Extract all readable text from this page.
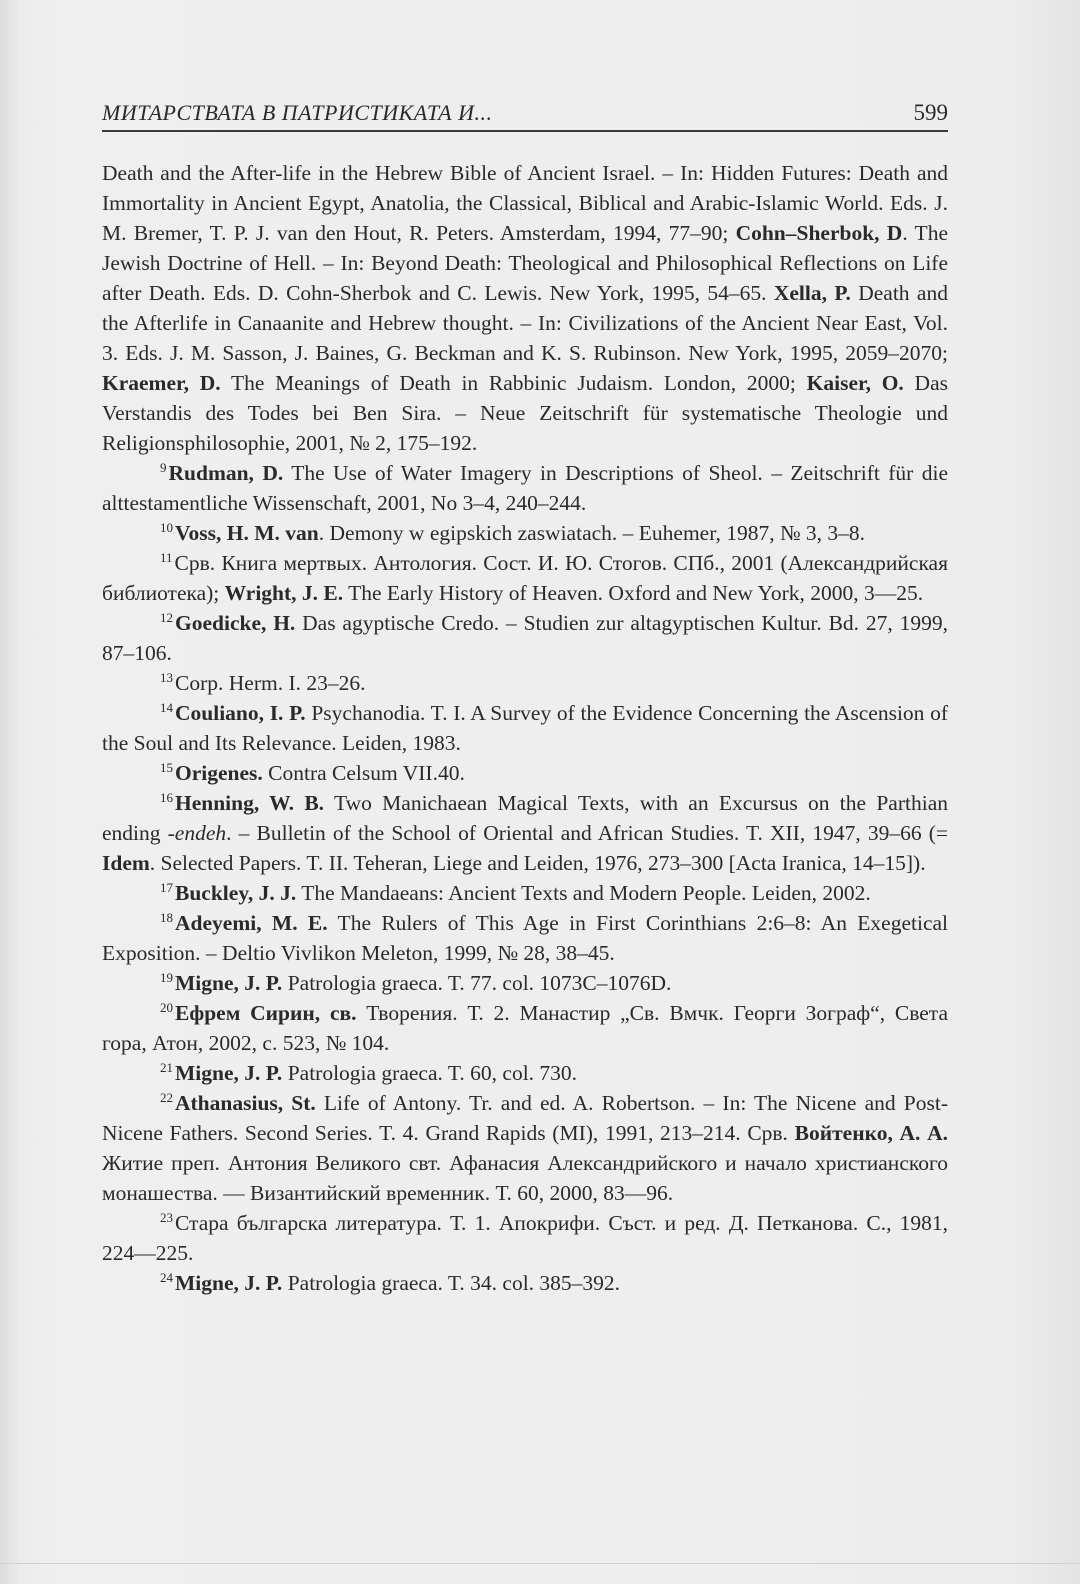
МИТАРСТВАТА В ПАТРИСТИКАТА И...	599

Death and the After-life in the Hebrew Bible of Ancient Israel. – In: Hidden Futures: Death and Immortality in Ancient Egypt, Anatolia, the Classical, Biblical and Arabic-Islamic World. Eds. J. M. Bremer, T. P. J. van den Hout, R. Peters. Amsterdam, 1994, 77–90; Cohn–Sherbok, D. The Jewish Doctrine of Hell. – In: Beyond Death: Theological and Philosophical Reflections on Life after Death. Eds. D. Cohn-Sherbok and C. Lewis. New York, 1995, 54–65. Xella, P. Death and the Afterlife in Canaanite and Hebrew thought. – In: Civilizations of the Ancient Near East, Vol. 3. Eds. J. M. Sasson, J. Baines, G. Beckman and K. S. Rubinson. New York, 1995, 2059–2070; Kraemer, D. The Meanings of Death in Rabbinic Judaism. London, 2000; Kaiser, O. Das Verstandis des Todes bei Ben Sira. – Neue Zeitschrift für systematische Theologie und Religionsphilosophie, 2001, № 2, 175–192.

$^9$Rudman, D. The Use of Water Imagery in Descriptions of Sheol. – Zeitschrift für die alttestamentliche Wissenschaft, 2001, No 3–4, 240–244.

$^{10}$Voss, H. M. van. Demony w egipskich zaswiatach. – Euhemer, 1987, № 3, 3–8.

$^{11}$Срв. Книга мертвых. Антология. Сост. И. Ю. Стогов. СПб., 2001 (Александрийская библиотека); Wright, J. E. The Early History of Heaven. Oxford and New York, 2000, 3—25.

$^{12}$Goedicke, H. Das agyptische Credo. – Studien zur altagyptischen Kultur. Bd. 27, 1999, 87–106.

$^{13}$Corp. Herm. I. 23–26.

$^{14}$Couliano, I. P. Psychanodia. T. I. A Survey of the Evidence Concerning the Ascension of the Soul and Its Relevance. Leiden, 1983.

$^{15}$Origenes. Contra Celsum VII.40.

$^{16}$Henning, W. B. Two Manichaean Magical Texts, with an Excursus on the Parthian ending -endeh. – Bulletin of the School of Oriental and African Studies. T. XII, 1947, 39–66 (= Idem. Selected Papers. T. II. Teheran, Liege and Leiden, 1976, 273–300 [Acta Iranica, 14–15]).

$^{17}$Buckley, J. J. The Mandaeans: Ancient Texts and Modern People. Leiden, 2002.

$^{18}$Adeyemi, M. E. The Rulers of This Age in First Corinthians 2:6–8: An Exegetical Exposition. – Deltio Vivlikon Meleton, 1999, № 28, 38–45.

$^{19}$Migne, J. P. Patrologia graeca. T. 77. col. 1073C–1076D.

$^{20}$Ефрем Сирин, св. Творения. Т. 2. Манастир „Св. Вмчк. Георги Зограф“, Света гора, Атон, 2002, с. 523, № 104.

$^{21}$Migne, J. P. Patrologia graeca. T. 60, col. 730.

$^{22}$Athanasius, St. Life of Antony. Tr. and ed. A. Robertson. – In: The Nicene and Post-Nicene Fathers. Second Series. T. 4. Grand Rapids (MI), 1991, 213–214. Срв. Войтенко, А. А. Житие преп. Антония Великого свт. Афанасия Александрийского и начало христианского монашества. — Византийский временник. Т. 60, 2000, 83—96.

$^{23}$Стара българска литература. Т. 1. Апокрифи. Съст. и ред. Д. Петканова. С., 1981, 224—225.

$^{24}$Migne, J. P. Patrologia graeca. T. 34. col. 385–392.
